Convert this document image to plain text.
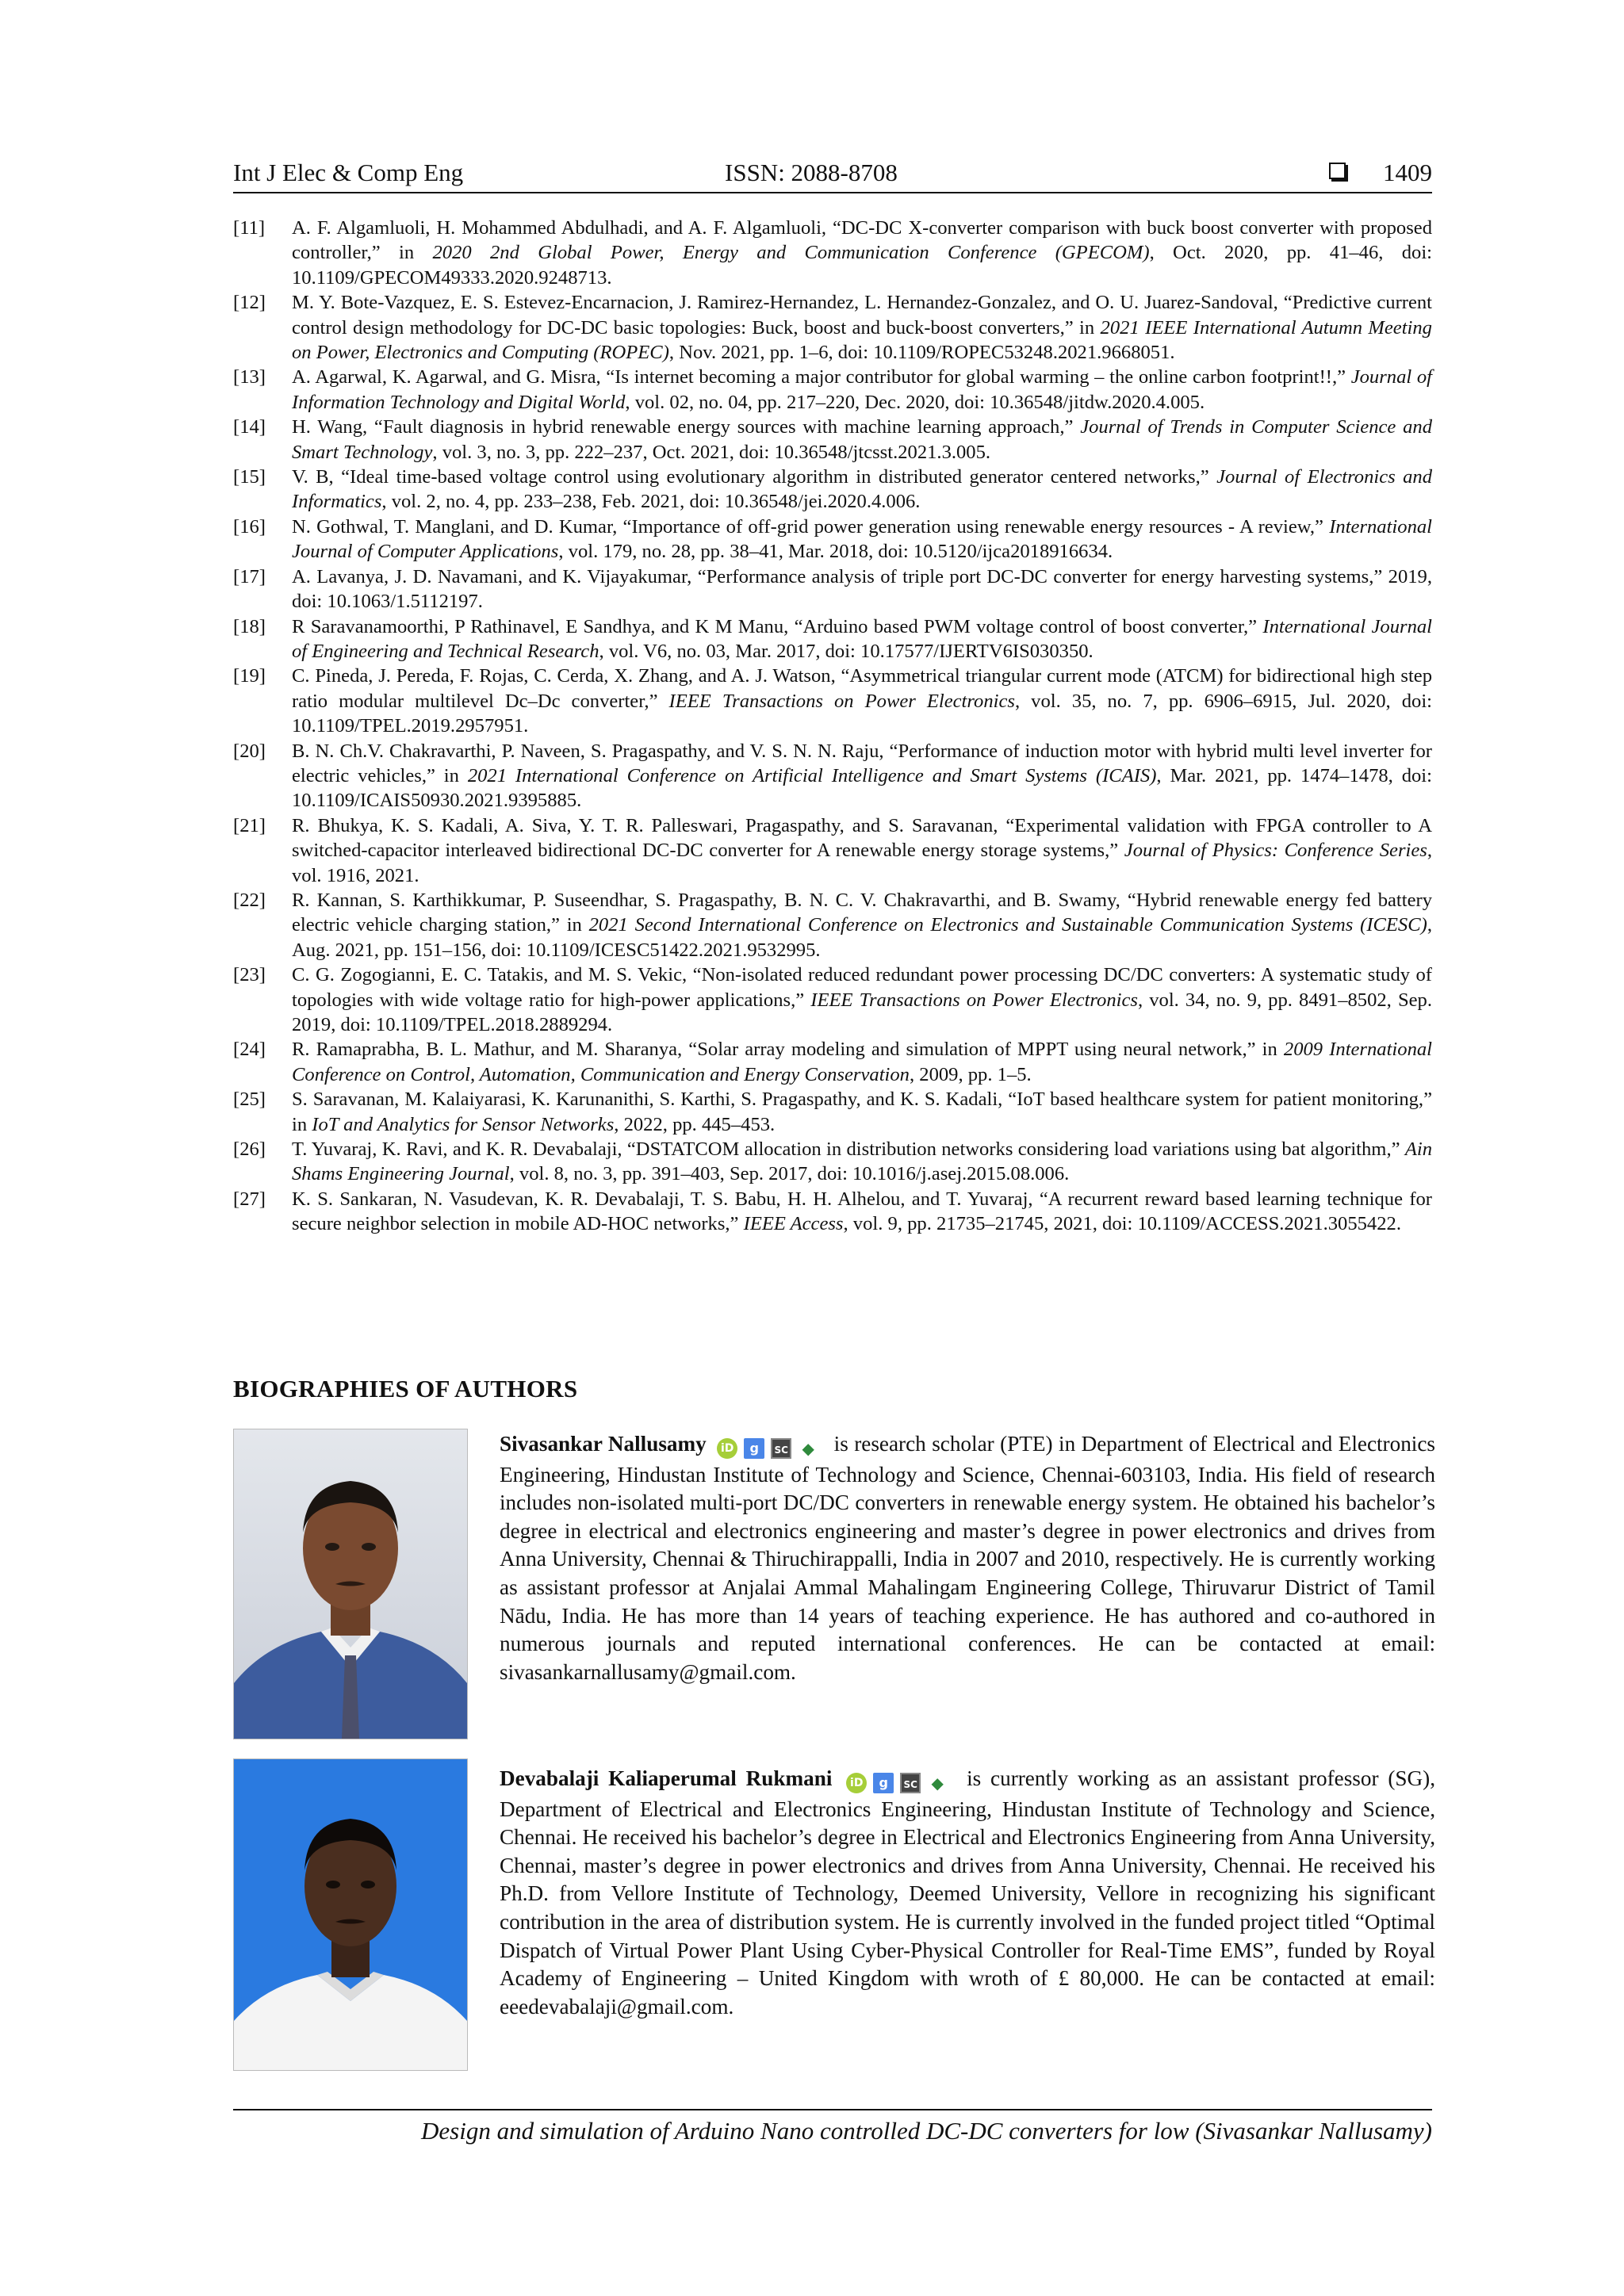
Int J Elec & Comp Eng	ISSN: 2088-8708	1409
[11] A. F. Algamluoli, H. Mohammed Abdulhadi, and A. F. Algamluoli, “DC-DC X-converter comparison with buck boost converter with proposed controller,” in 2020 2nd Global Power, Energy and Communication Conference (GPECOM), Oct. 2020, pp. 41–46, doi: 10.1109/GPECOM49333.2020.9248713.
[12] M. Y. Bote-Vazquez, E. S. Estevez-Encarnacion, J. Ramirez-Hernandez, L. Hernandez-Gonzalez, and O. U. Juarez-Sandoval, “Predictive current control design methodology for DC-DC basic topologies: Buck, boost and buck-boost converters,” in 2021 IEEE International Autumn Meeting on Power, Electronics and Computing (ROPEC), Nov. 2021, pp. 1–6, doi: 10.1109/ROPEC53248.2021.9668051.
[13] A. Agarwal, K. Agarwal, and G. Misra, “Is internet becoming a major contributor for global warming – the online carbon footprint!!,” Journal of Information Technology and Digital World, vol. 02, no. 04, pp. 217–220, Dec. 2020, doi: 10.36548/jitdw.2020.4.005.
[14] H. Wang, “Fault diagnosis in hybrid renewable energy sources with machine learning approach,” Journal of Trends in Computer Science and Smart Technology, vol. 3, no. 3, pp. 222–237, Oct. 2021, doi: 10.36548/jtcsst.2021.3.005.
[15] V. B, “Ideal time-based voltage control using evolutionary algorithm in distributed generator centered networks,” Journal of Electronics and Informatics, vol. 2, no. 4, pp. 233–238, Feb. 2021, doi: 10.36548/jei.2020.4.006.
[16] N. Gothwal, T. Manglani, and D. Kumar, “Importance of off-grid power generation using renewable energy resources - A review,” International Journal of Computer Applications, vol. 179, no. 28, pp. 38–41, Mar. 2018, doi: 10.5120/ijca2018916634.
[17] A. Lavanya, J. D. Navamani, and K. Vijayakumar, “Performance analysis of triple port DC-DC converter for energy harvesting systems,” 2019, doi: 10.1063/1.5112197.
[18] R Saravanamoorthi, P Rathinavel, E Sandhya, and K M Manu, “Arduino based PWM voltage control of boost converter,” International Journal of Engineering and Technical Research, vol. V6, no. 03, Mar. 2017, doi: 10.17577/IJERTV6IS030350.
[19] C. Pineda, J. Pereda, F. Rojas, C. Cerda, X. Zhang, and A. J. Watson, “Asymmetrical triangular current mode (ATCM) for bidirectional high step ratio modular multilevel Dc–Dc converter,” IEEE Transactions on Power Electronics, vol. 35, no. 7, pp. 6906–6915, Jul. 2020, doi: 10.1109/TPEL.2019.2957951.
[20] B. N. Ch.V. Chakravarthi, P. Naveen, S. Pragaspathy, and V. S. N. N. Raju, “Performance of induction motor with hybrid multi level inverter for electric vehicles,” in 2021 International Conference on Artificial Intelligence and Smart Systems (ICAIS), Mar. 2021, pp. 1474–1478, doi: 10.1109/ICAIS50930.2021.9395885.
[21] R. Bhukya, K. S. Kadali, A. Siva, Y. T. R. Palleswari, Pragaspathy, and S. Saravanan, “Experimental validation with FPGA controller to A switched-capacitor interleaved bidirectional DC-DC converter for A renewable energy storage systems,” Journal of Physics: Conference Series, vol. 1916, 2021.
[22] R. Kannan, S. Karthikkumar, P. Suseendhar, S. Pragaspathy, B. N. C. V. Chakravarthi, and B. Swamy, “Hybrid renewable energy fed battery electric vehicle charging station,” in 2021 Second International Conference on Electronics and Sustainable Communication Systems (ICESC), Aug. 2021, pp. 151–156, doi: 10.1109/ICESC51422.2021.9532995.
[23] C. G. Zogogianni, E. C. Tatakis, and M. S. Vekic, “Non-isolated reduced redundant power processing DC/DC converters: A systematic study of topologies with wide voltage ratio for high-power applications,” IEEE Transactions on Power Electronics, vol. 34, no. 9, pp. 8491–8502, Sep. 2019, doi: 10.1109/TPEL.2018.2889294.
[24] R. Ramaprabha, B. L. Mathur, and M. Sharanya, “Solar array modeling and simulation of MPPT using neural network,” in 2009 International Conference on Control, Automation, Communication and Energy Conservation, 2009, pp. 1–5.
[25] S. Saravanan, M. Kalaiyarasi, K. Karunanithi, S. Karthi, S. Pragaspathy, and K. S. Kadali, “IoT based healthcare system for patient monitoring,” in IoT and Analytics for Sensor Networks, 2022, pp. 445–453.
[26] T. Yuvaraj, K. Ravi, and K. R. Devabalaji, “DSTATCOM allocation in distribution networks considering load variations using bat algorithm,” Ain Shams Engineering Journal, vol. 8, no. 3, pp. 391–403, Sep. 2017, doi: 10.1016/j.asej.2015.08.006.
[27] K. S. Sankaran, N. Vasudevan, K. R. Devabalaji, T. S. Babu, H. H. Alhelou, and T. Yuvaraj, “A recurrent reward based learning technique for secure neighbor selection in mobile AD-HOC networks,” IEEE Access, vol. 9, pp. 21735–21745, 2021, doi: 10.1109/ACCESS.2021.3055422.
BIOGRAPHIES OF AUTHORS
Sivasankar Nallusamy iD g SC ◆ is research scholar (PTE) in Department of Electrical and Electronics Engineering, Hindustan Institute of Technology and Science, Chennai-603103, India. His field of research includes non-isolated multi-port DC/DC converters in renewable energy system. He obtained his bachelor’s degree in electrical and electronics engineering and master’s degree in power electronics and drives from Anna University, Chennai & Thiruchirappalli, India in 2007 and 2010, respectively. He is currently working as assistant professor at Anjalai Ammal Mahalingam Engineering College, Thiruvarur District of Tamil Nādu, India. He has more than 14 years of teaching experience. He has authored and co-authored in numerous journals and reputed international conferences. He can be contacted at email: sivasankarnallusamy@gmail.com.
Devabalaji Kaliaperumal Rukmani iD g SC ◆ is currently working as an assistant professor (SG), Department of Electrical and Electronics Engineering, Hindustan Institute of Technology and Science, Chennai. He received his bachelor’s degree in Electrical and Electronics Engineering from Anna University, Chennai, master’s degree in power electronics and drives from Anna University, Chennai. He received his Ph.D. from Vellore Institute of Technology, Deemed University, Vellore in recognizing his significant contribution in the area of distribution system. He is currently involved in the funded project titled “Optimal Dispatch of Virtual Power Plant Using Cyber-Physical Controller for Real-Time EMS”, funded by Royal Academy of Engineering – United Kingdom with wroth of £ 80,000. He can be contacted at email: eeedevabalaji@gmail.com.
Design and simulation of Arduino Nano controlled DC-DC converters for low (Sivasankar Nallusamy)
